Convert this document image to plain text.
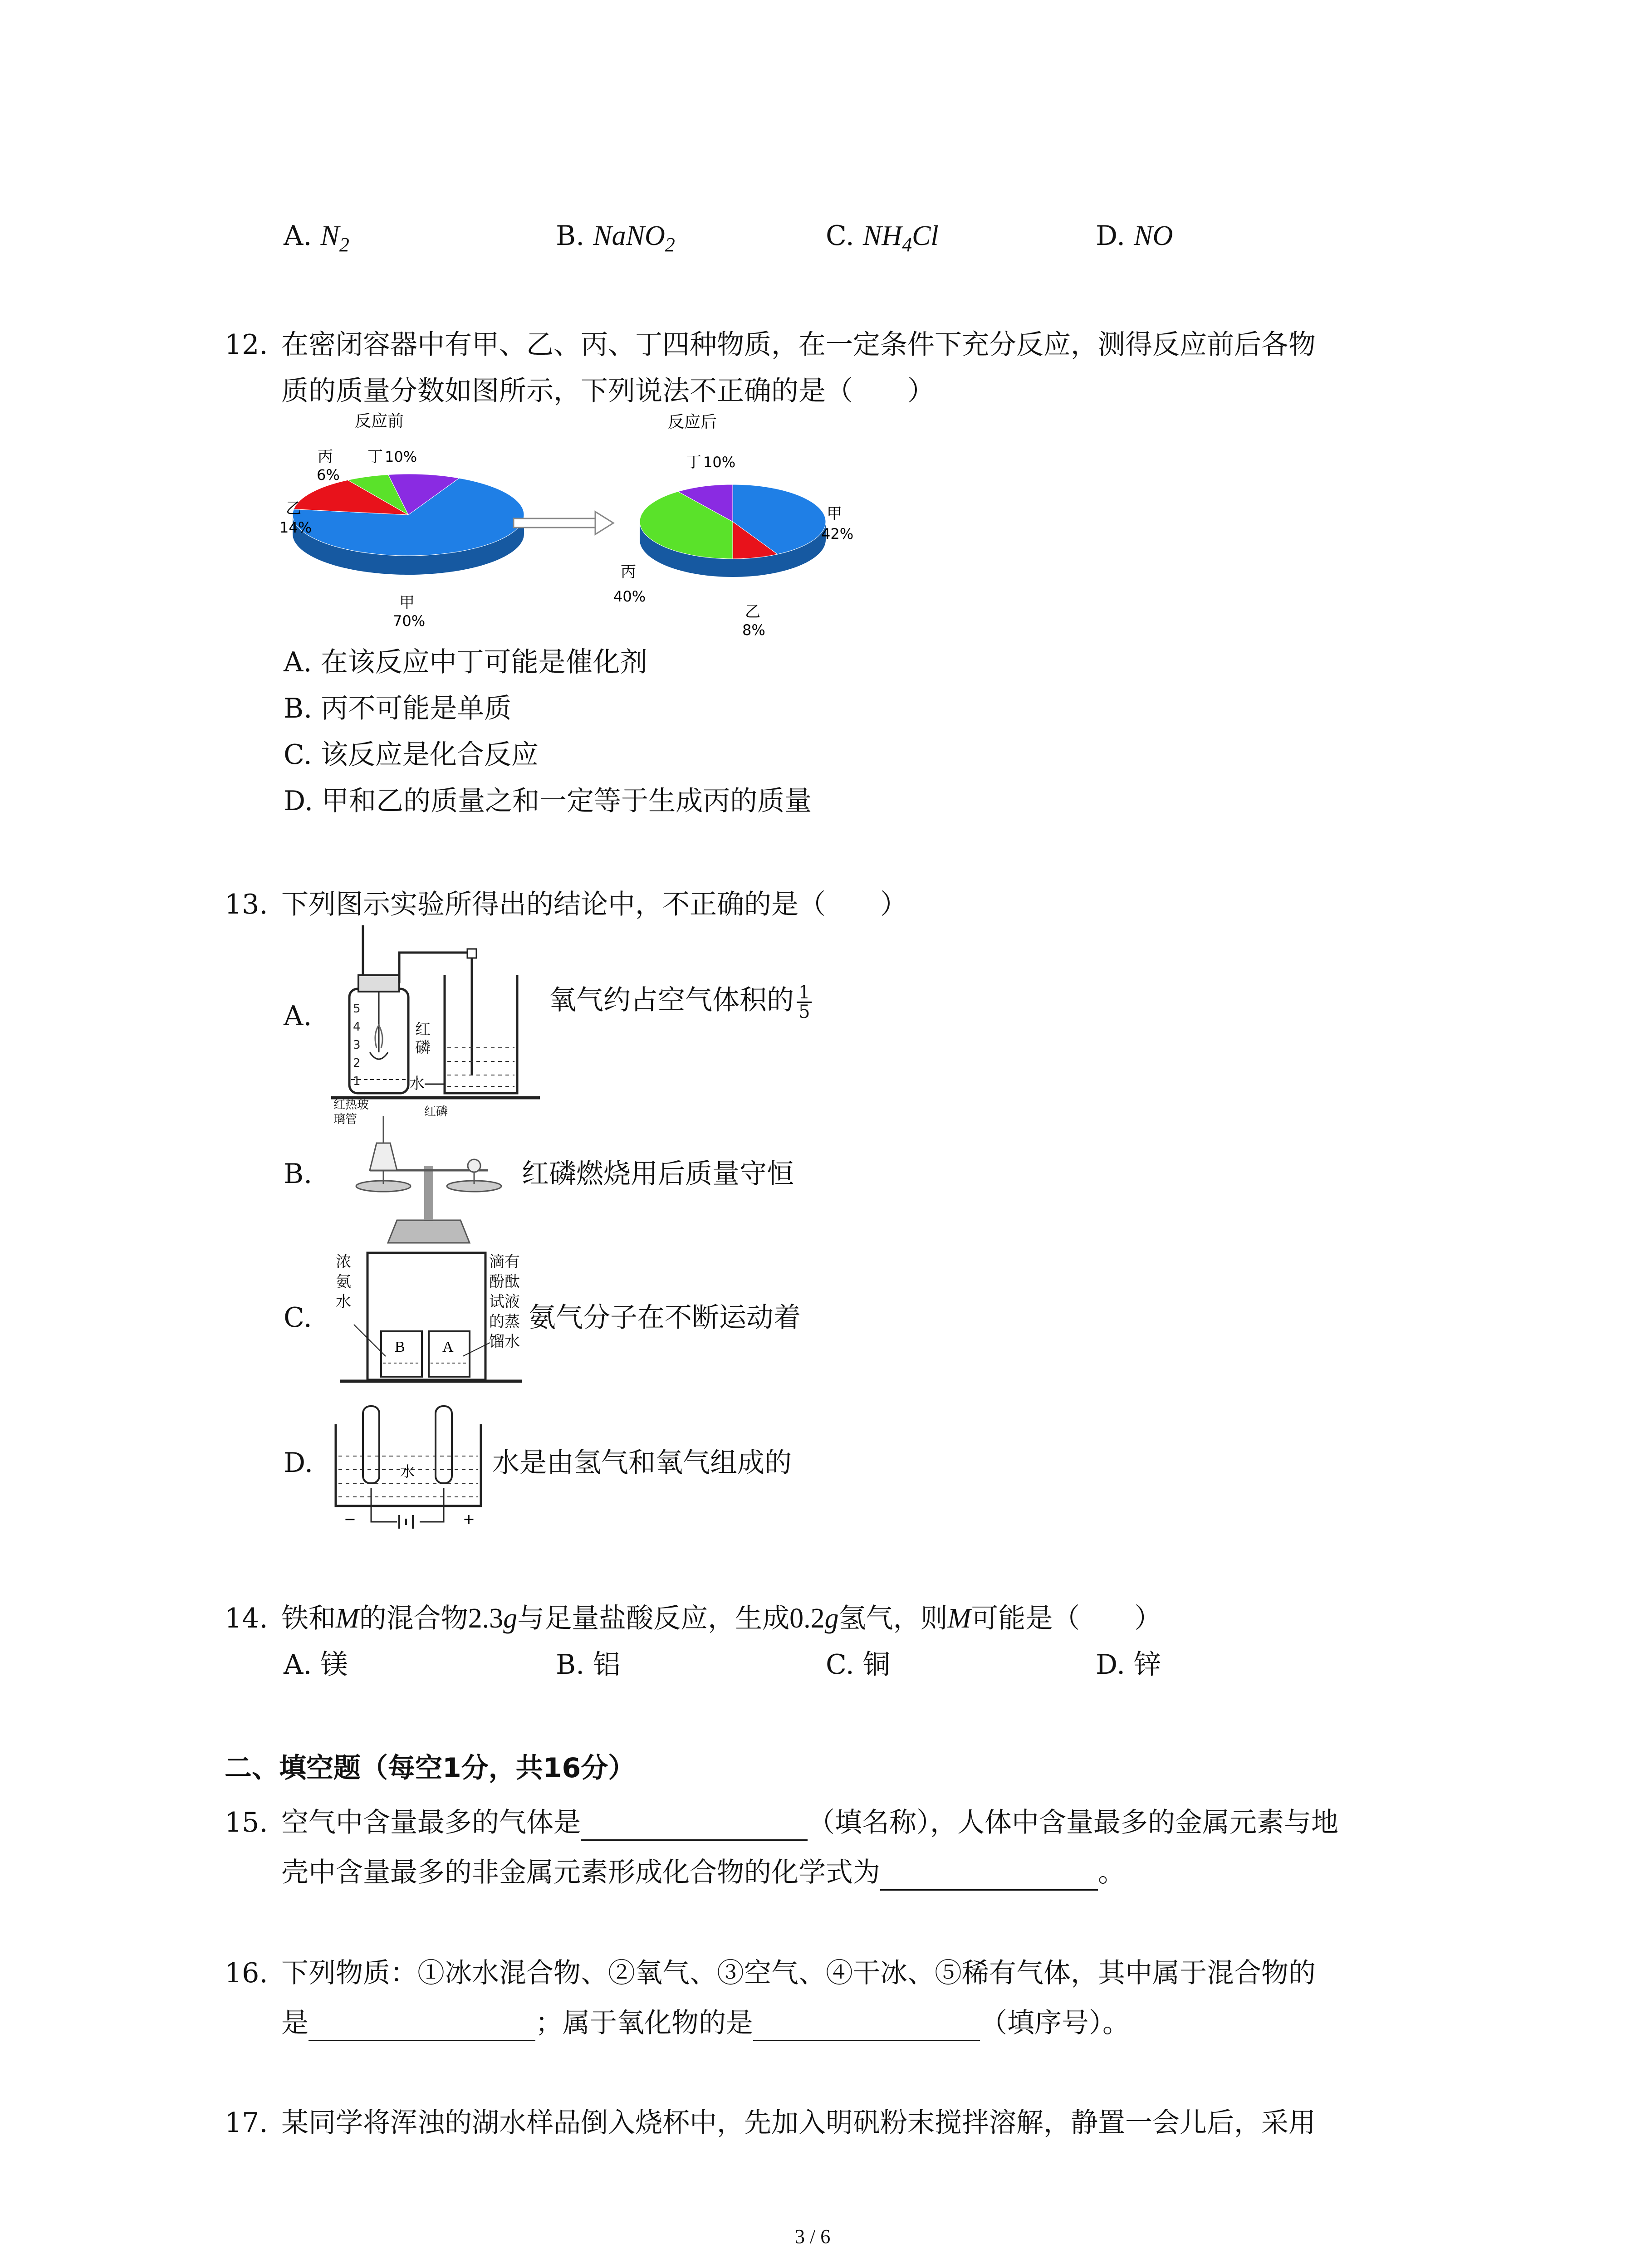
A. $N_2$	B. NaNO$_2$	C. $NH_4Cl$	D. NO
12. 在密闭容器中有甲、乙、丙、丁四种物质，在一定条件下充分反应，测得反应前后各物
质的质量分数如图所示，下列说法不正确的是（　　）
反应前
丙
6%
丁 10%
乙
14%
甲
70%
反应后
丁 10%
甲
42%
丙
40%
乙
8%
A. 在该反应中丁可能是催化剂
B. 丙不可能是单质
C. 该反应是化合反应
D. 甲和乙的质量之和一定等于生成丙的质量
13. 下列图示实验所得出的结论中，不正确的是（　　）
A.	5
4
3
2
1	水
红磷
氧气约占空气体积的 $\frac{1}{5}$
B.
红热玻璃管
红磷
红磷燃烧用后质量守恒
C.
B A
浓氨水
滴有酚酞试液的蒸馏水
氨气分子在不断运动着
D.	水
−	+
水是由氢气和氧气组成的
14. 铁和M的混合物2.3g与足量盐酸反应，生成0.2g氢气，则M可能是（　　）
A. 镁	B. 铝	C. 铜	D. 锌
二、填空题（每空1分，共16分）
15. 空气中含量最多的气体是	（填名称），人体中含量最多的金属元素与地
壳中含量最多的非金属元素形成化合物的化学式为	。
16. 下列物质：①冰水混合物、②氧气、③空气、④干冰、⑤稀有气体，其中属于混合物的
是	；属于氧化物的是	（填序号）。
17. 某同学将浑浊的湖水样品倒入烧杯中，先加入明矾粉末搅拌溶解，静置一会儿后，采用
3 / 6
